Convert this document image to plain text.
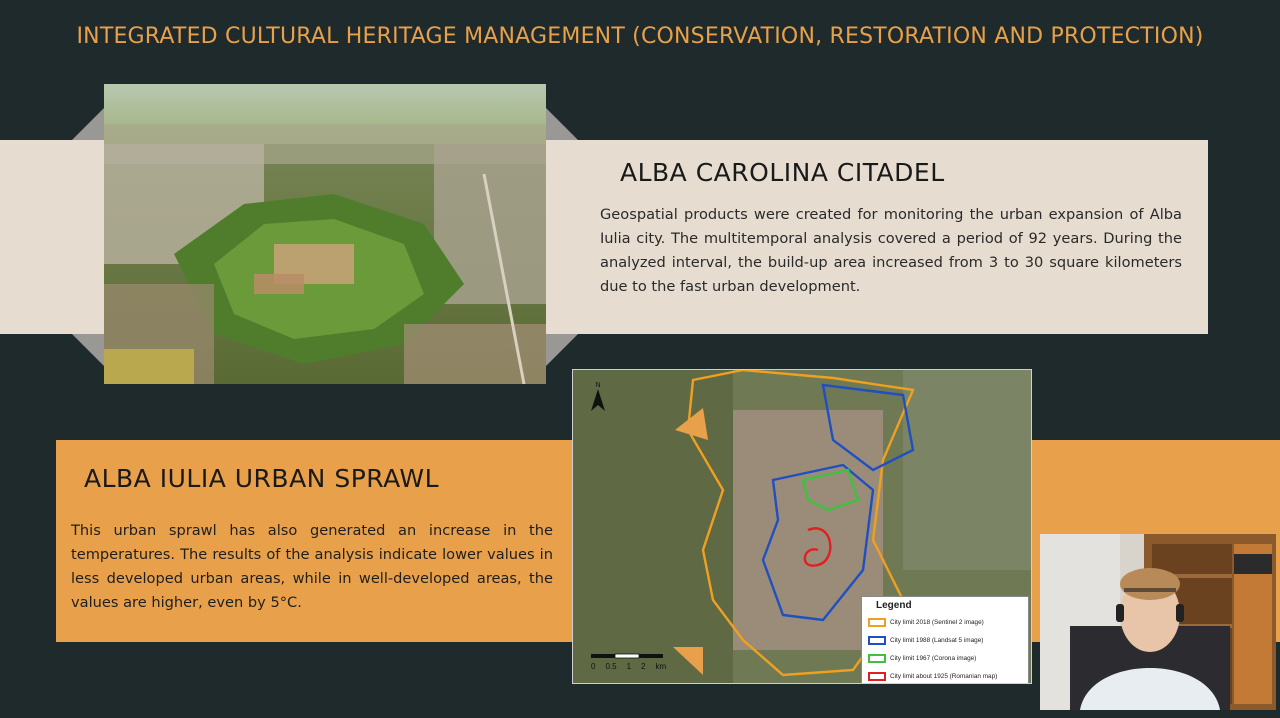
INTEGRATED CULTURAL HERITAGE MANAGEMENT (CONSERVATION, RESTORATION AND PROTECTION)
ALBA CAROLINA CITADEL
Geospatial products were created for monitoring the urban expansion of Alba Iulia city. The multitemporal analysis covered a period of 92 years. During the analyzed interval, the build-up area increased from 3 to 30 square kilometers due to the fast urban development.
ALBA IULIA URBAN SPRAWL
This urban sprawl has also generated an increase in the temperatures. The results of the analysis indicate lower values in less developed urban areas, while in well-developed areas, the values are higher, even by 5°C.
N
0 0.5 1 2 km
Legend
City limit 2018 (Sentinel 2 image)
City limit 1988 (Landsat 5 image)
City limit 1967 (Corona image)
City limit about 1925 (Romanian map)
